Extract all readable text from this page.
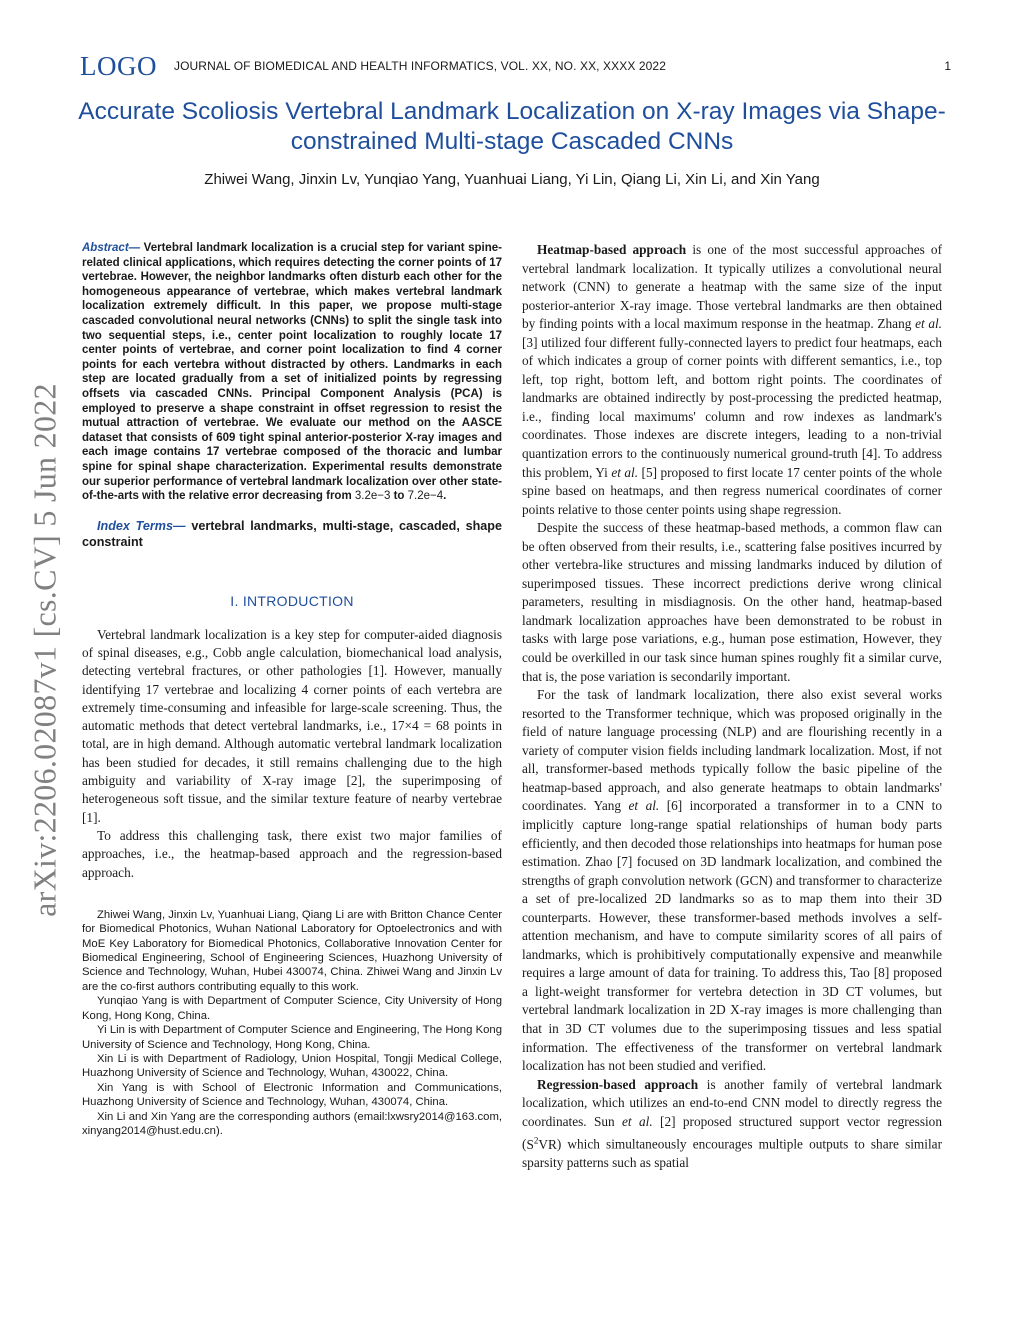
LOGO JOURNAL OF BIOMEDICAL AND HEALTH INFORMATICS, VOL. XX, NO. XX, XXXX 2022	1
Accurate Scoliosis Vertebral Landmark Localization on X-ray Images via Shape-constrained Multi-stage Cascaded CNNs
Zhiwei Wang, Jinxin Lv, Yunqiao Yang, Yuanhuai Liang, Yi Lin, Qiang Li, Xin Li, and Xin Yang
arXiv:2206.02087v1 [cs.CV] 5 Jun 2022

Abstract— Vertebral landmark localization is a crucial step for variant spine-related clinical applications, which requires detecting the corner points of 17 vertebrae. However, the neighbor landmarks often disturb each other for the homogeneous appearance of vertebrae, which makes vertebral landmark localization extremely difficult. In this paper, we propose multi-stage cascaded convolutional neural networks (CNNs) to split the single task into two sequential steps, i.e., center point localization to roughly locate 17 center points of vertebrae, and corner point localization to find 4 corner points for each vertebra without distracted by others. Landmarks in each step are located gradually from a set of initialized points by regressing offsets via cascaded CNNs. Principal Component Analysis (PCA) is employed to preserve a shape constraint in offset regression to resist the mutual attraction of vertebrae. We evaluate our method on the AASCE dataset that consists of 609 tight spinal anterior-posterior X-ray images and each image contains 17 vertebrae composed of the thoracic and lumbar spine for spinal shape characterization. Experimental results demonstrate our superior performance of vertebral landmark localization over other state-of-the-arts with the relative error decreasing from 3.2e−3 to 7.2e−4.

Index Terms— vertebral landmarks, multi-stage, cascaded, shape constraint

I. INTRODUCTION

Vertebral landmark localization is a key step for computer-aided diagnosis of spinal diseases, e.g., Cobb angle calculation, biomechanical load analysis, detecting vertebral fractures, or other pathologies [1]. However, manually identifying 17 vertebrae and localizing 4 corner points of each vertebra are extremely time-consuming and infeasible for large-scale screening. Thus, the automatic methods that detect vertebral landmarks, i.e., 17×4 = 68 points in total, are in high demand. Although automatic vertebral landmark localization has been studied for decades, it still remains challenging due to the high ambiguity and variability of X-ray image [2], the superimposing of heterogeneous soft tissue, and the similar texture feature of nearby vertebrae [1].

To address this challenging task, there exist two major families of approaches, i.e., the heatmap-based approach and the regression-based approach.

Zhiwei Wang, Jinxin Lv, Yuanhuai Liang, Qiang Li are with Britton Chance Center for Biomedical Photonics, Wuhan National Laboratory for Optoelectronics and with MoE Key Laboratory for Biomedical Photonics, Collaborative Innovation Center for Biomedical Engineering, School of Engineering Sciences, Huazhong University of Science and Technology, Wuhan, Hubei 430074, China. Zhiwei Wang and Jinxin Lv are the co-first authors contributing equally to this work.

Yunqiao Yang is with Department of Computer Science, City University of Hong Kong, Hong Kong, China.

Yi Lin is with Department of Computer Science and Engineering, The Hong Kong University of Science and Technology, Hong Kong, China.

Xin Li is with Department of Radiology, Union Hospital, Tongji Medical College, Huazhong University of Science and Technology, Wuhan, 430022, China.

Xin Yang is with School of Electronic Information and Communications, Huazhong University of Science and Technology, Wuhan, 430074, China.

Xin Li and Xin Yang are the corresponding authors (email:lxwsry2014@163.com, xinyang2014@hust.edu.cn).

Heatmap-based approach is one of the most successful approaches of vertebral landmark localization. It typically utilizes a convolutional neural network (CNN) to generate a heatmap with the same size of the input posterior-anterior X-ray image. Those vertebral landmarks are then obtained by finding points with a local maximum response in the heatmap. Zhang et al. [3] utilized four different fully-connected layers to predict four heatmaps, each of which indicates a group of corner points with different semantics, i.e., top left, top right, bottom left, and bottom right points. The coordinates of landmarks are obtained indirectly by post-processing the predicted heatmap, i.e., finding local maximums' column and row indexes as landmark's coordinates. Those indexes are discrete integers, leading to a non-trivial quantization errors to the continuously numerical ground-truth [4]. To address this problem, Yi et al. [5] proposed to first locate 17 center points of the whole spine based on heatmaps, and then regress numerical coordinates of corner points relative to those center points using shape regression.

Despite the success of these heatmap-based methods, a common flaw can be often observed from their results, i.e., scattering false positives incurred by other vertebra-like structures and missing landmarks induced by dilution of superimposed tissues. These incorrect predictions derive wrong clinical parameters, resulting in misdiagnosis. On the other hand, heatmap-based landmark localization approaches have been demonstrated to be robust in tasks with large pose variations, e.g., human pose estimation, However, they could be overkilled in our task since human spines roughly fit a similar curve, that is, the pose variation is secondarily important.

For the task of landmark localization, there also exist several works resorted to the Transformer technique, which was proposed originally in the field of nature language processing (NLP) and are flourishing recently in a variety of computer vision fields including landmark localization. Most, if not all, transformer-based methods typically follow the basic pipeline of the heatmap-based approach, and also generate heatmaps to obtain landmarks' coordinates. Yang et al. [6] incorporated a transformer in to a CNN to implicitly capture long-range spatial relationships of human body parts efficiently, and then decoded those relationships into heatmaps for human pose estimation. Zhao [7] focused on 3D landmark localization, and combined the strengths of graph convolution network (GCN) and transformer to characterize a set of pre-localized 2D landmarks so as to map them into their 3D counterparts. However, these transformer-based methods involves a self-attention mechanism, and have to compute similarity scores of all pairs of landmarks, which is prohibitively computationally expensive and meanwhile requires a large amount of data for training. To address this, Tao [8] proposed a light-weight transformer for vertebra detection in 3D CT volumes, but vertebral landmark localization in 2D X-ray images is more challenging than that in 3D CT volumes due to the superimposing tissues and less spatial information. The effectiveness of the transformer on vertebral landmark localization has not been studied and verified.

Regression-based approach is another family of vertebral landmark localization, which utilizes an end-to-end CNN model to directly regress the coordinates. Sun et al. [2] proposed structured support vector regression $(S^2VR)$ which simultaneously encourages multiple outputs to share similar sparsity patterns such as spatial
